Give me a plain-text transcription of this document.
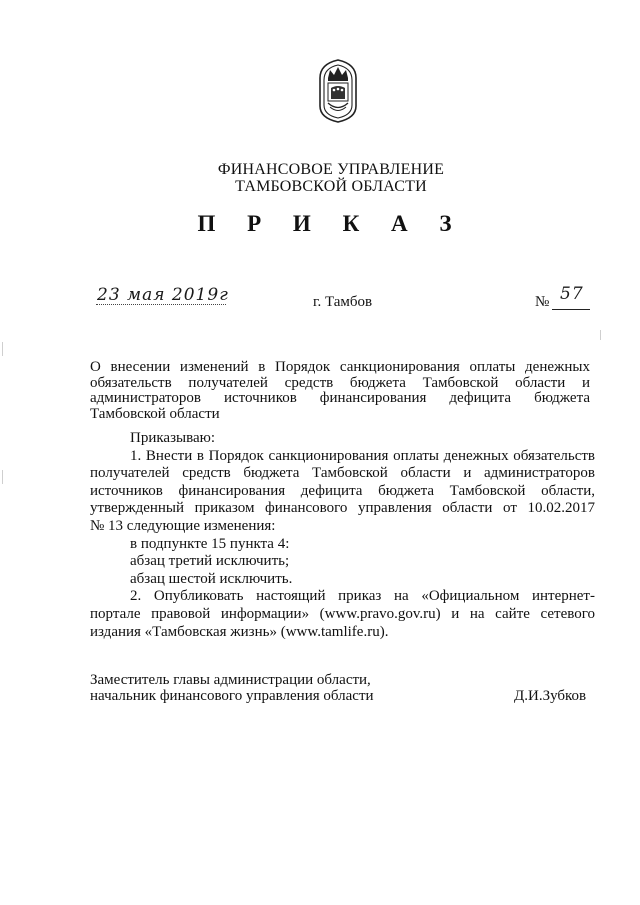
ФИНАНСОВОЕ УПРАВЛЕНИЕ
ТАМБОВСКОЙ ОБЛАСТИ
П Р И К А З
23 мая 2019г	г. Тамбов	№ 57
О внесении изменений в Порядок санкционирования оплаты денежных
обязательств получателей средств бюджета Тамбовской области и
администраторов источников финансирования дефицита бюджета
Тамбовской области
Приказываю:
1. Внести в Порядок санкционирования оплаты денежных обязательств
получателей средств бюджета Тамбовской области и администраторов
источников финансирования дефицита бюджета Тамбовской области,
утвержденный приказом финансового управления области от 10.02.2017
№ 13 следующие изменения:
в подпункте 15 пункта 4:
абзац третий исключить;
абзац шестой исключить.
2. Опубликовать настоящий приказ на «Официальном интернет-
портале правовой информации» (www.pravo.gov.ru) и на сайте сетевого
издания «Тамбовская жизнь» (www.tamlife.ru).
Заместитель главы администрации области,
начальник финансового управления области	Д.И.Зубков
